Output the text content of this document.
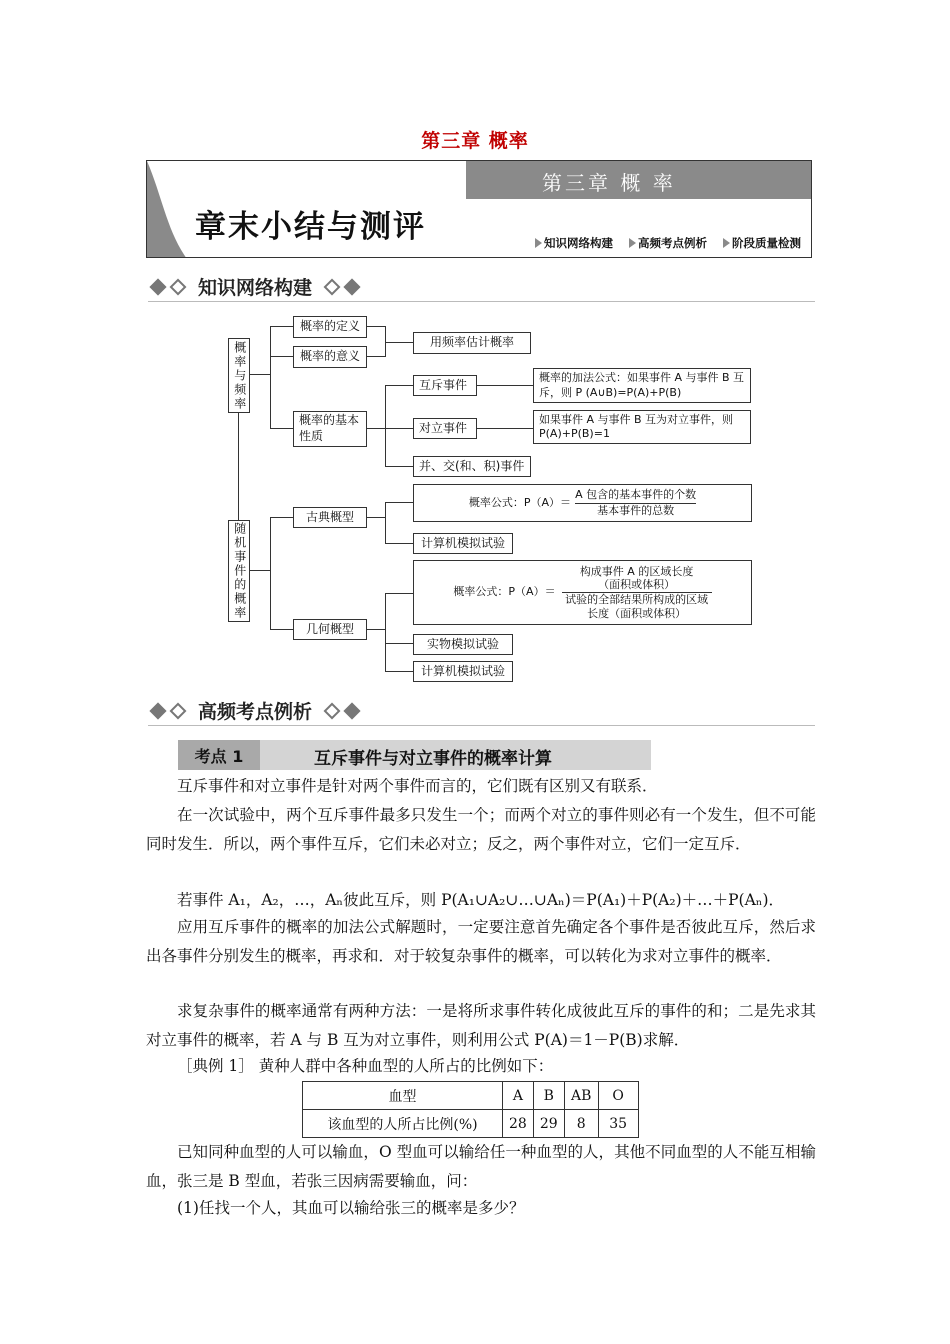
第三章 概率
第三章 概 率
章末小结与测评	知识网络构建 高频考点例析 阶段质量检测
知识网络构建
概率与频率
随机事件的概率
概率的定义
概率的意义
用频率估计概率
概率的基本性质
互斥事件	概率的加法公式：如果事件 A 与事件 B 互斥，则 P (A∪B)=P(A)+P(B)
对立事件
如果事件 A 与事件 B 互为对立事件，则 P(A)+P(B)=1
并、交(和、积)事件
古典概型
概率公式：P（A）＝
A 包含的基本事件的个数
基本事件的总数
计算机模拟试验
几何概型
概率公式：P（A）＝
构成事件 A 的区域长度（面积或体积）
试验的全部结果所构成的区域长度（面积或体积）
实物模拟试验
计算机模拟试验
高频考点例析
考点 1	互斥事件与对立事件的概率计算

互斥事件和对立事件是针对两个事件而言的，它们既有区别又有联系．

在一次试验中，两个互斥事件最多只发生一个；而两个对立的事件则必有一个发生，但不可能同时发生．所以，两个事件互斥，它们未必对立；反之，两个事件对立，它们一定互斥．

若事件 A₁，A₂，…，Aₙ彼此互斥，则 P(A₁∪A₂∪…∪Aₙ)＝P(A₁)＋P(A₂)＋…＋P(Aₙ)．

应用互斥事件的概率的加法公式解题时，一定要注意首先确定各个事件是否彼此互斥，然后求出各事件分别发生的概率，再求和．对于较复杂事件的概率，可以转化为求对立事件的概率．

求复杂事件的概率通常有两种方法：一是将所求事件转化成彼此互斥的事件的和；二是先求其对立事件的概率，若 A 与 B 互为对立事件，则利用公式 P(A)＝1－P(B)求解．

［典例 1］ 黄种人群中各种血型的人所占的比例如下：

血型	A	B	AB	O
该血型的人所占比例(%)	28	29	8	35

已知同种血型的人可以输血，O 型血可以输给任一种血型的人，其他不同血型的人不能互相输血，张三是 B 型血，若张三因病需要输血，问：

(1)任找一个人，其血可以输给张三的概率是多少？
